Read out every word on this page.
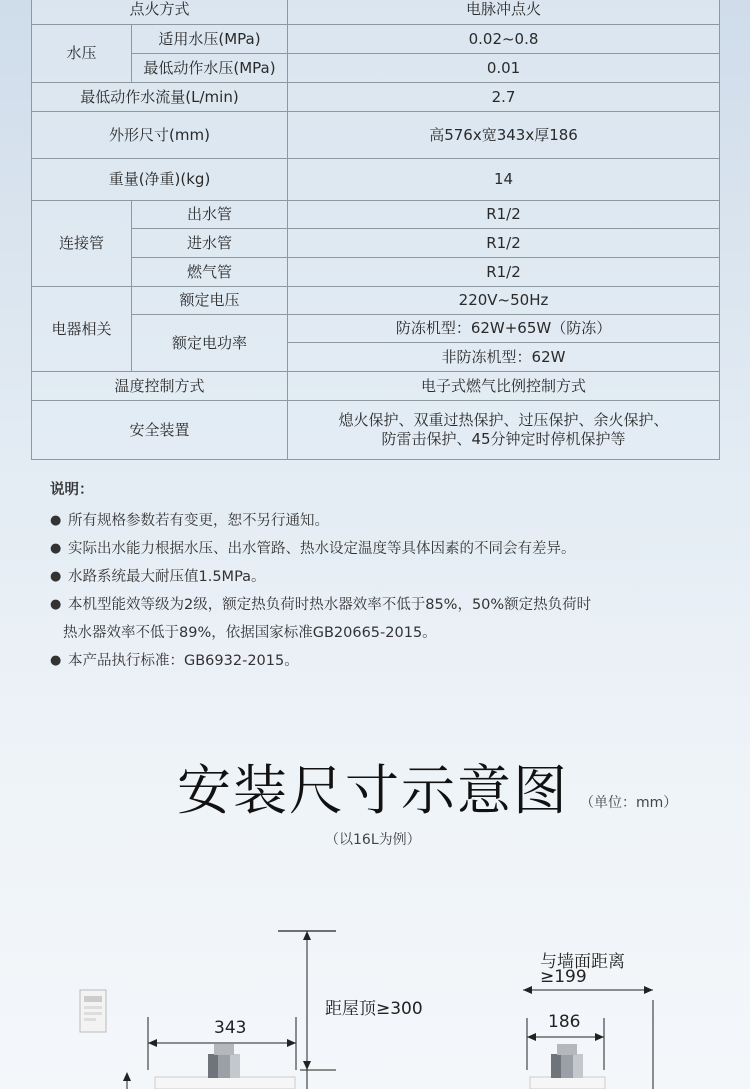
点火方式		电脉冲点火
水压	适用水压(MPa)	0.02~0.8
	最低动作水压(MPa)	0.01
最低动作水流量(L/min)		2.7
外形尺寸(mm)		高576x宽343x厚186
重量(净重)(kg)		14
连接管	出水管	R1/2
	进水管	R1/2
	燃气管	R1/2
电器相关	额定电压	220V~50Hz
	额定电功率	防冻机型：62W+65W（防冻）
		非防冻机型：62W
温度控制方式		电子式燃气比例控制方式
安全装置		熄火保护、双重过热保护、过压保护、余火保护、
防雷击保护、45分钟定时停机保护等
说明：
● 所有规格参数若有变更，恕不另行通知。
● 实际出水能力根据水压、出水管路、热水设定温度等具体因素的不同会有差异。
● 水路系统最大耐压值1.5MPa。
● 本机型能效等级为2级，额定热负荷时热水器效率不低于85%，50%额定热负荷时
热水器效率不低于89%，依据国家标准GB20665-2015。
● 本产品执行标准：GB6932-2015。
安装尺寸示意图 （单位：mm）
（以16L为例）
343
距屋顶≥300
与墙面距离
≥199
186
